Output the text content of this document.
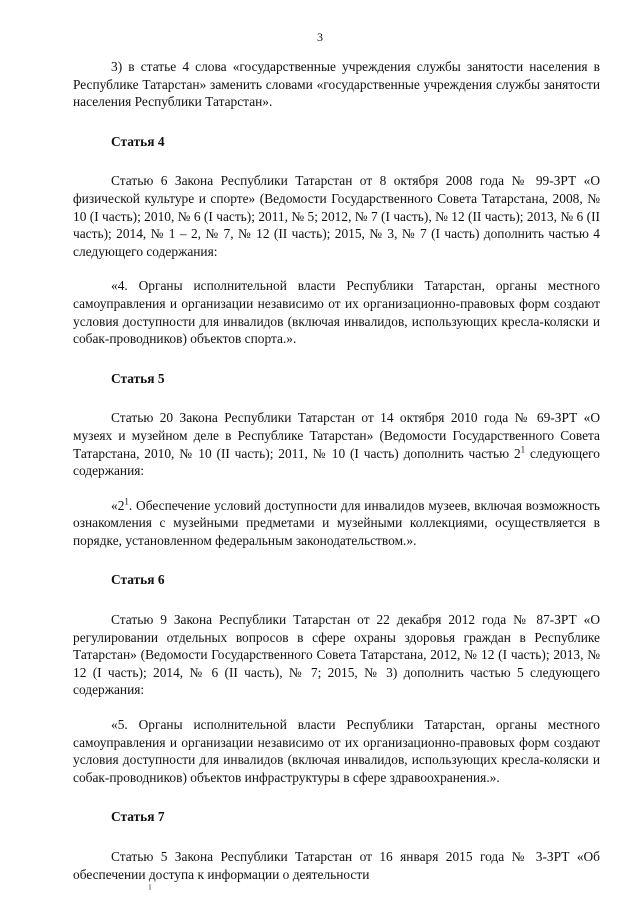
3

3) в статье 4 слова «государственные учреждения службы занятости населения в Республике Татарстан» заменить словами «государственные учреждения службы занятости населения Республики Татарстан».

Статья 4

Статью 6 Закона Республики Татарстан от 8 октября 2008 года № 99-ЗРТ «О физической культуре и спорте» (Ведомости Государственного Совета Татарстана, 2008, № 10 (I часть); 2010, № 6 (I часть); 2011, № 5; 2012, № 7 (I часть), № 12 (II часть); 2013, № 6 (II часть); 2014, № 1 – 2, № 7, № 12 (II часть); 2015, № 3, № 7 (I часть) дополнить частью 4 следующего содержания:

«4. Органы исполнительной власти Республики Татарстан, органы местного самоуправления и организации независимо от их организационно-правовых форм создают условия доступности для инвалидов (включая инвалидов, использующих кресла-коляски и собак-проводников) объектов спорта.».

Статья 5

Статью 20 Закона Республики Татарстан от 14 октября 2010 года № 69-ЗРТ «О музеях и музейном деле в Республике Татарстан» (Ведомости Государственного Совета Татарстана, 2010, № 10 (II часть); 2011, № 10 (I часть) дополнить частью $2^1$ следующего содержания:

«$2^1$. Обеспечение условий доступности для инвалидов музеев, включая возможность ознакомления с музейными предметами и музейными коллекциями, осуществляется в порядке, установленном федеральным законодательством.».

Статья 6

Статью 9 Закона Республики Татарстан от 22 декабря 2012 года № 87-ЗРТ «О регулировании отдельных вопросов в сфере охраны здоровья граждан в Республике Татарстан» (Ведомости Государственного Совета Татарстана, 2012, № 12 (I часть); 2013, № 12 (I часть); 2014, № 6 (II часть), № 7; 2015, № 3) дополнить частью 5 следующего содержания:

«5. Органы исполнительной власти Республики Татарстан, органы местного самоуправления и организации независимо от их организационно-правовых форм создают условия доступности для инвалидов (включая инвалидов, использующих кресла-коляски и собак-проводников) объектов инфраструктуры в сфере здравоохранения.».

Статья 7

Статью 5 Закона Республики Татарстан от 16 января 2015 года № 3-ЗРТ «Об обеспечении доступа к информации о деятельности
